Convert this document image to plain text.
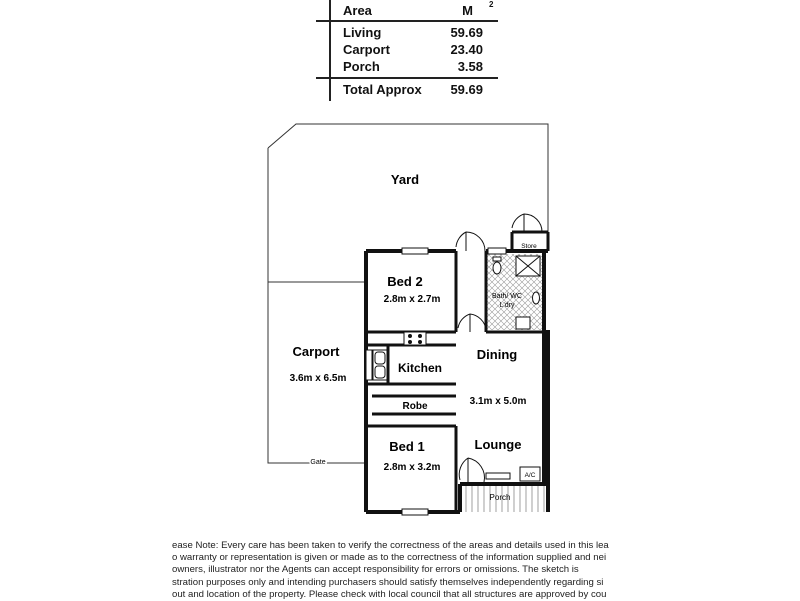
Area	M 2
Living	59.69
Carport	23.40
Porch	3.58
Total Approx 59.69
Yard
Carport
3.6m x 6.5m
Bed 2
2.8m x 2.7m
Kitchen
Dining
3.1m x 5.0m
Robe
Lounge
Bed 1
2.8m x 3.2m
Bath/ WC
L'dry
Store
Porch
Gate
A/C
ease Note: Every care has been taken to verify the correctness of the areas and details used in this lea
o warranty or representation is given or made as to the correctness of the information supplied and nei
owners, illustrator nor the Agents can accept responsibility for errors or omissions. The sketch is
stration purposes only and intending purchasers should satisfy themselves independently regarding si
out and location of the property. Please check with local council that all structures are approved by cou
